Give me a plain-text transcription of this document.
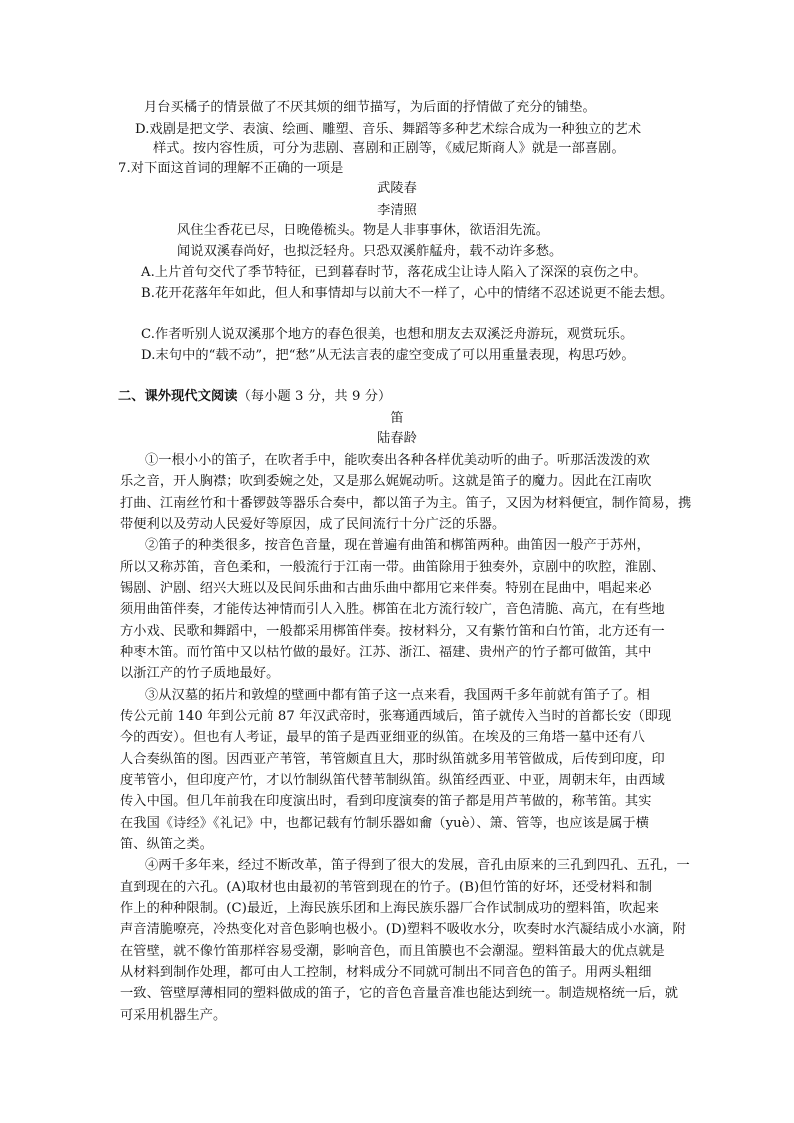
月台买橘子的情景做了不厌其烦的细节描写，为后面的抒情做了充分的铺垫。
D.戏剧是把文学、表演、绘画、雕塑、音乐、舞蹈等多种艺术综合成为一种独立的艺术
样式。按内容性质，可分为悲剧、喜剧和正剧等，《威尼斯商人》就是一部喜剧。
7.对下面这首词的理解不正确的一项是
武陵春
李清照
风住尘香花已尽，日晚倦梳头。物是人非事事休，欲语泪先流。
闻说双溪春尚好，也拟泛轻舟。只恐双溪舴艋舟，载不动许多愁。
A.上片首句交代了季节特征，已到暮春时节，落花成尘让诗人陷入了深深的哀伤之中。
B.花开花落年年如此，但人和事情却与以前大不一样了，心中的情绪不忍述说更不能去想。
C.作者听别人说双溪那个地方的春色很美，也想和朋友去双溪泛舟游玩，观赏玩乐。
D.末句中的“载不动”，把“愁”从无法言表的虚空变成了可以用重量表现，构思巧妙。
二、课外现代文阅读（每小题 3 分，共 9 分）
笛
陆春龄
①一根小小的笛子，在吹者手中，能吹奏出各种各样优美动听的曲子。听那活泼泼的欢
乐之音，开人胸襟；吹到委婉之处，又是那么娓娓动听。这就是笛子的魔力。因此在江南吹
打曲、江南丝竹和十番锣鼓等器乐合奏中，都以笛子为主。笛子，又因为材料便宜，制作简易，携
带便利以及劳动人民爱好等原因，成了民间流行十分广泛的乐器。
②笛子的种类很多，按音色音量，现在普遍有曲笛和梆笛两种。曲笛因一般产于苏州，
所以又称苏笛，音色柔和，一般流行于江南一带。曲笛除用于独奏外，京剧中的吹腔，淮剧、
锡剧、沪剧、绍兴大班以及民间乐曲和古曲乐曲中都用它来伴奏。特别在昆曲中，唱起来必
须用曲笛伴奏，才能传达神情而引人入胜。梆笛在北方流行较广，音色清脆、高亢，在有些地
方小戏、民歌和舞蹈中，一般都采用梆笛伴奏。按材料分，又有紫竹笛和白竹笛，北方还有一
种枣木笛。而竹笛中又以枯竹做的最好。江苏、浙江、福建、贵州产的竹子都可做笛，其中
以浙江产的竹子质地最好。
③从汉墓的拓片和敦煌的壁画中都有笛子这一点来看，我国两千多年前就有笛子了。相
传公元前 140 年到公元前 87 年汉武帝时，张骞通西域后，笛子就传入当时的首都长安（即现
今的西安）。但也有人考证，最早的笛子是西亚细亚的纵笛。在埃及的三角塔一墓中还有八
人合奏纵笛的图。因西亚产苇管，苇管颇直且大，那时纵笛就多用苇管做成，后传到印度，印
度苇管小，但印度产竹，才以竹制纵笛代替苇制纵笛。纵笛经西亚、中亚，周朝末年，由西域
传入中国。但几年前我在印度演出时，看到印度演奏的笛子都是用芦苇做的，称苇笛。其实
在我国《诗经》《礼记》中，也都记载有竹制乐器如龠（yuè）、箫、管等，也应该是属于横
笛、纵笛之类。
④两千多年来，经过不断改革，笛子得到了很大的发展，音孔由原来的三孔到四孔、五孔，一
直到现在的六孔。(A)取材也由最初的苇管到现在的竹子。(B)但竹笛的好坏，还受材料和制
作上的种种限制。(C)最近，上海民族乐团和上海民族乐器厂合作试制成功的塑料笛，吹起来
声音清脆嘹亮，冷热变化对音色影响也极小。(D)塑料不吸收水分，吹奏时水汽凝结成小水滴，附
在管壁，就不像竹笛那样容易受潮，影响音色，而且笛膜也不会潮湿。塑料笛最大的优点就是
从材料到制作处理，都可由人工控制，材料成分不同就可制出不同音色的笛子。用两头粗细
一致、管壁厚薄相同的塑料做成的笛子，它的音色音量音准也能达到统一。制造规格统一后，就
可采用机器生产。
